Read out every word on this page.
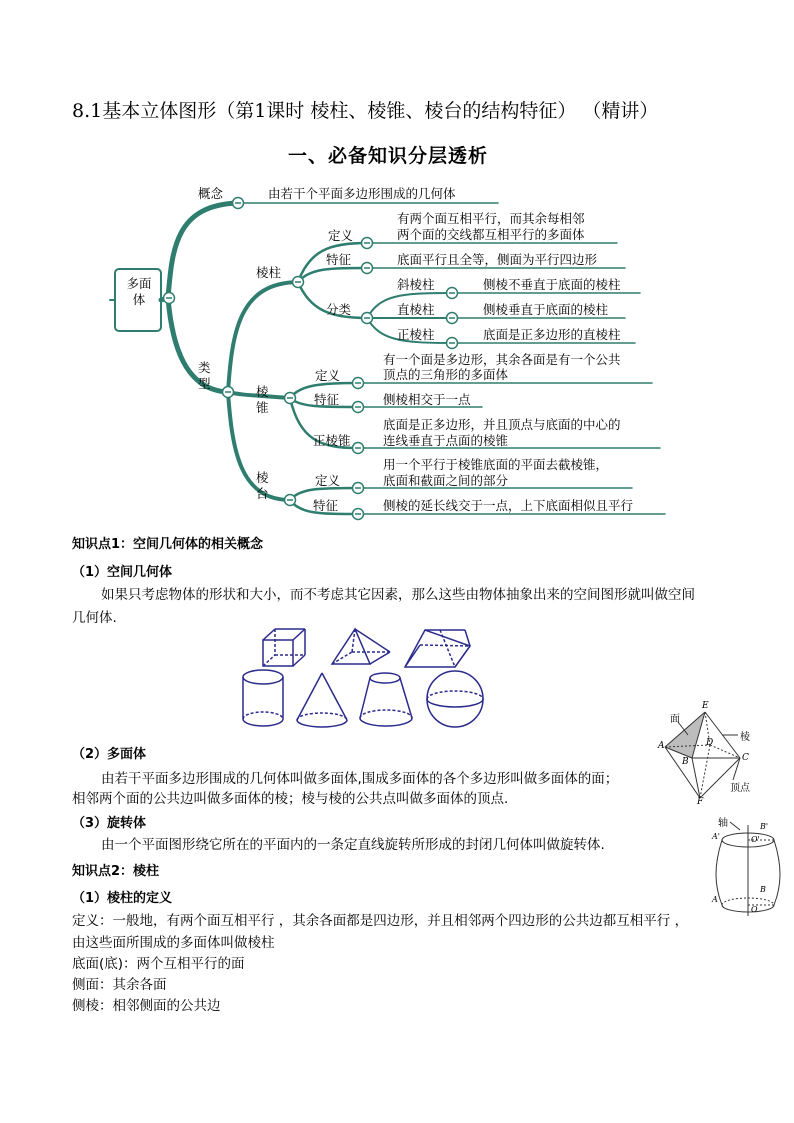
8.1基本立体图形（第1课时 棱柱、棱锥、棱台的结构特征） （精讲）
一、必备知识分层透析
多面体
概念	由若干个平面多边形围成的几何体
类型
棱柱
定义
有两个面互相平行，而其余每相邻
两个面的交线都互相平行的多面体
特征	底面平行且全等，侧面为平行四边形
分类
斜棱柱	侧棱不垂直于底面的棱柱
直棱柱	侧棱垂直于底面的棱柱
正棱柱	底面是正多边形的直棱柱
棱锥
定义
有一个面是多边形，其余各面是有一个公共
顶点的三角形的多面体
特征	侧棱相交于一点
正棱锥
底面是正多边形，并且顶点与底面的中心的
连线垂直于点面的棱锥
棱台
定义
用一个平行于棱锥底面的平面去截棱锥，
底面和截面之间的部分
特征	侧棱的延长线交于一点，上下底面相似且平行
知识点1：空间几何体的相关概念
（1）空间几何体
如果只考虑物体的形状和大小，而不考虑其它因素，那么这些由物体抽象出来的空间图形就叫做空间
几何体.
面
棱
顶点
E
A	D
B	C
F
轴
A'
B'
O'
A
B
O
（2）多面体
由若干平面多边形围成的几何体叫做多面体,围成多面体的各个多边形叫做多面体的面；
相邻两个面的公共边叫做多面体的棱；棱与棱的公共点叫做多面体的顶点.
（3）旋转体
由一个平面图形绕它所在的平面内的一条定直线旋转所形成的封闭几何体叫做旋转体.
知识点2：棱柱
（1）棱柱的定义
定义：一般地，有两个面互相平行 ，其余各面都是四边形，并且相邻两个四边形的公共边都互相平行 ，
由这些面所围成的多面体叫做棱柱
底面(底)：两个互相平行的面
侧面：其余各面
侧棱：相邻侧面的公共边
